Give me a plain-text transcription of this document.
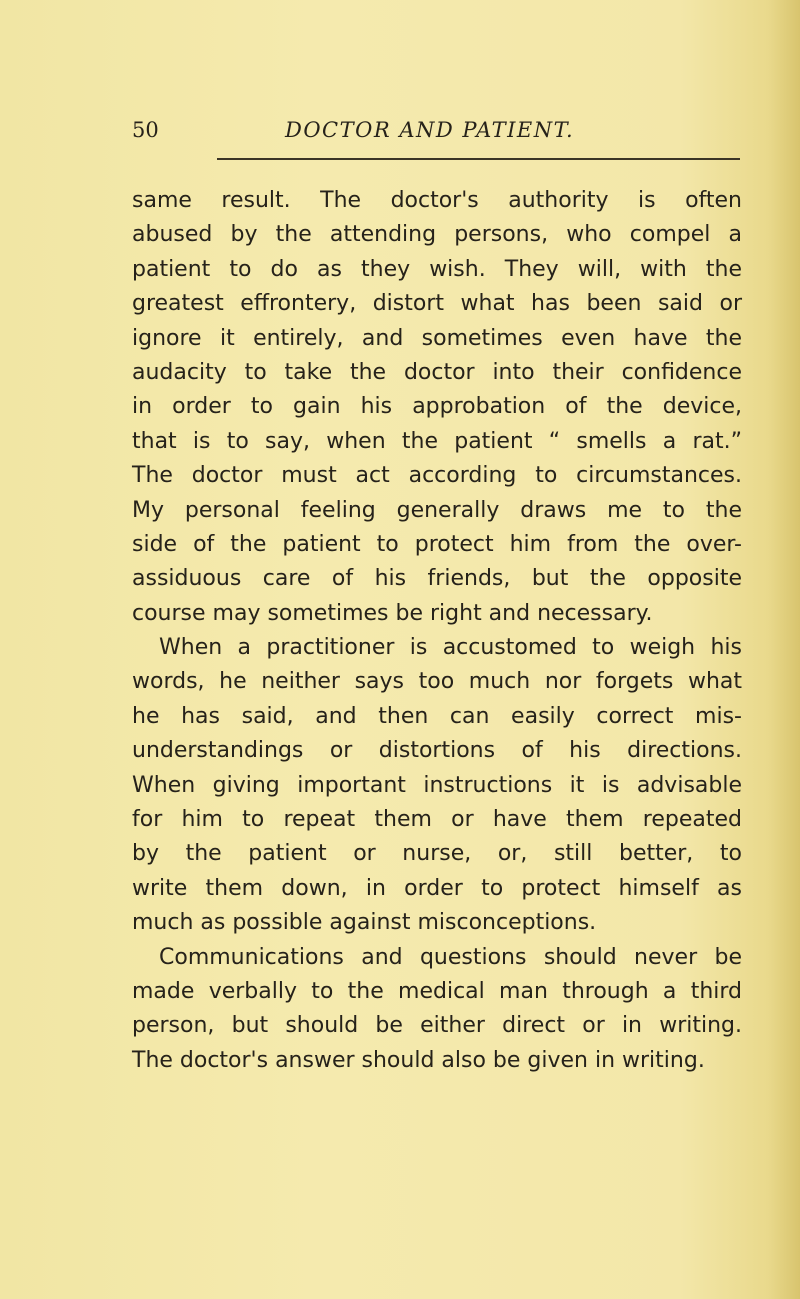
50	DOCTOR AND PATIENT.
same result. The doctor's authority is often
abused by the attending persons, who compel a
patient to do as they wish. They will, with the
greatest effrontery, distort what has been said or
ignore it entirely, and sometimes even have the
audacity to take the doctor into their confidence
in order to gain his approbation of the device,
that is to say, when the patient “ smells a rat.”
The doctor must act according to circumstances.
My personal feeling generally draws me to the
side of the patient to protect him from the over-
assiduous care of his friends, but the opposite
course may sometimes be right and necessary.
When a practitioner is accustomed to weigh his
words, he neither says too much nor forgets what
he has said, and then can easily correct mis-
understandings or distortions of his directions.
When giving important instructions it is advisable
for him to repeat them or have them repeated
by the patient or nurse, or, still better, to
write them down, in order to protect himself as
much as possible against misconceptions.
Communications and questions should never be
made verbally to the medical man through a third
person, but should be either direct or in writing.
The doctor's answer should also be given in writing.
